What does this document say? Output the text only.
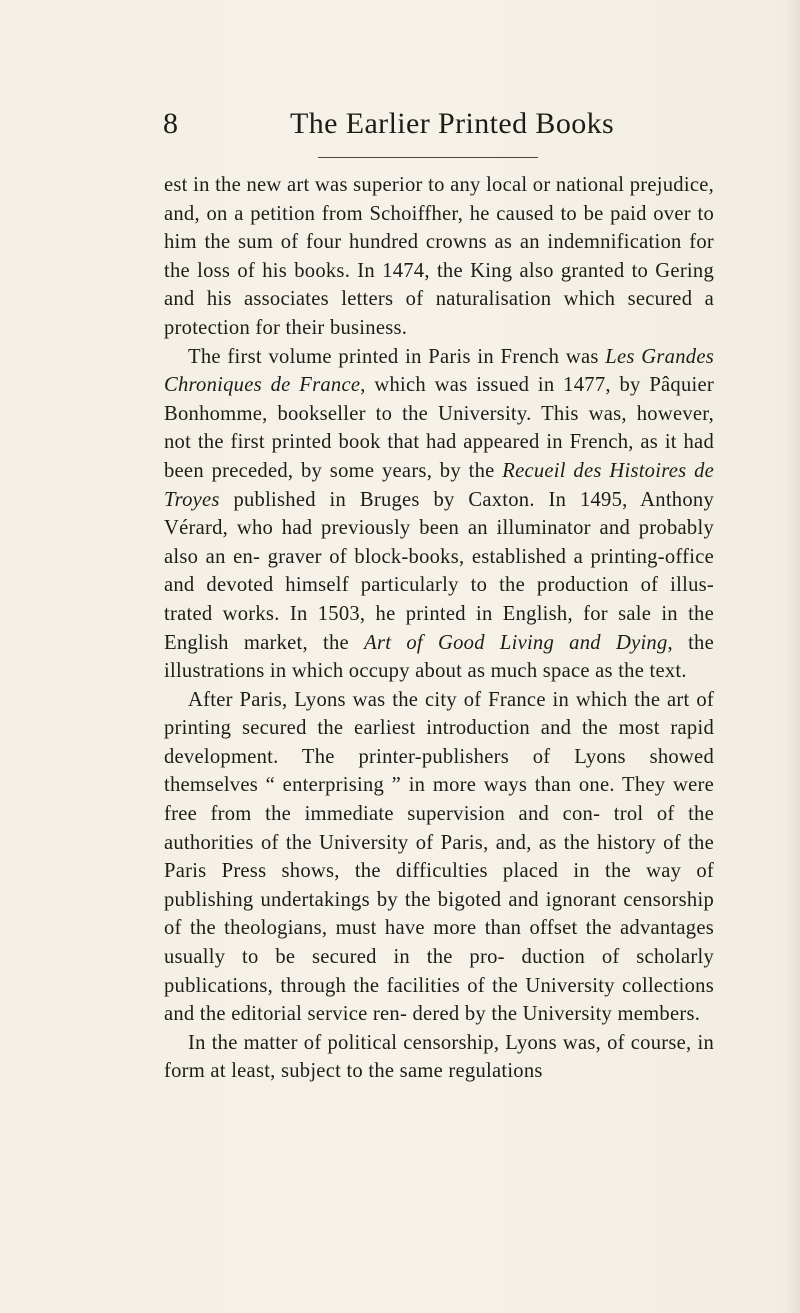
8	The Earlier Printed Books

est in the new art was superior to any local or national prejudice, and, on a petition from Schoiffher, he caused to be paid over to him the sum of four hundred crowns as an indemnification for the loss of his books. In 1474, the King also granted to Gering and his associates letters of naturalisation which secured a protection for their business.

The first volume printed in Paris in French was Les Grandes Chroniques de France, which was issued in 1477, by Pâquier Bonhomme, bookseller to the University. This was, however, not the first printed book that had appeared in French, as it had been preceded, by some years, by the Recueil des Histoires de Troyes published in Bruges by Caxton. In 1495, Anthony Vérard, who had previously been an illuminator and probably also an en- graver of block-books, established a printing-office and devoted himself particularly to the production of illus- trated works. In 1503, he printed in English, for sale in the English market, the Art of Good Living and Dying, the illustrations in which occupy about as much space as the text.

After Paris, Lyons was the city of France in which the art of printing secured the earliest introduction and the most rapid development. The printer-publishers of Lyons showed themselves “ enterprising ” in more ways than one. They were free from the immediate supervision and con- trol of the authorities of the University of Paris, and, as the history of the Paris Press shows, the difficulties placed in the way of publishing undertakings by the bigoted and ignorant censorship of the theologians, must have more than offset the advantages usually to be secured in the pro- duction of scholarly publications, through the facilities of the University collections and the editorial service ren- dered by the University members.

In the matter of political censorship, Lyons was, of course, in form at least, subject to the same regulations
